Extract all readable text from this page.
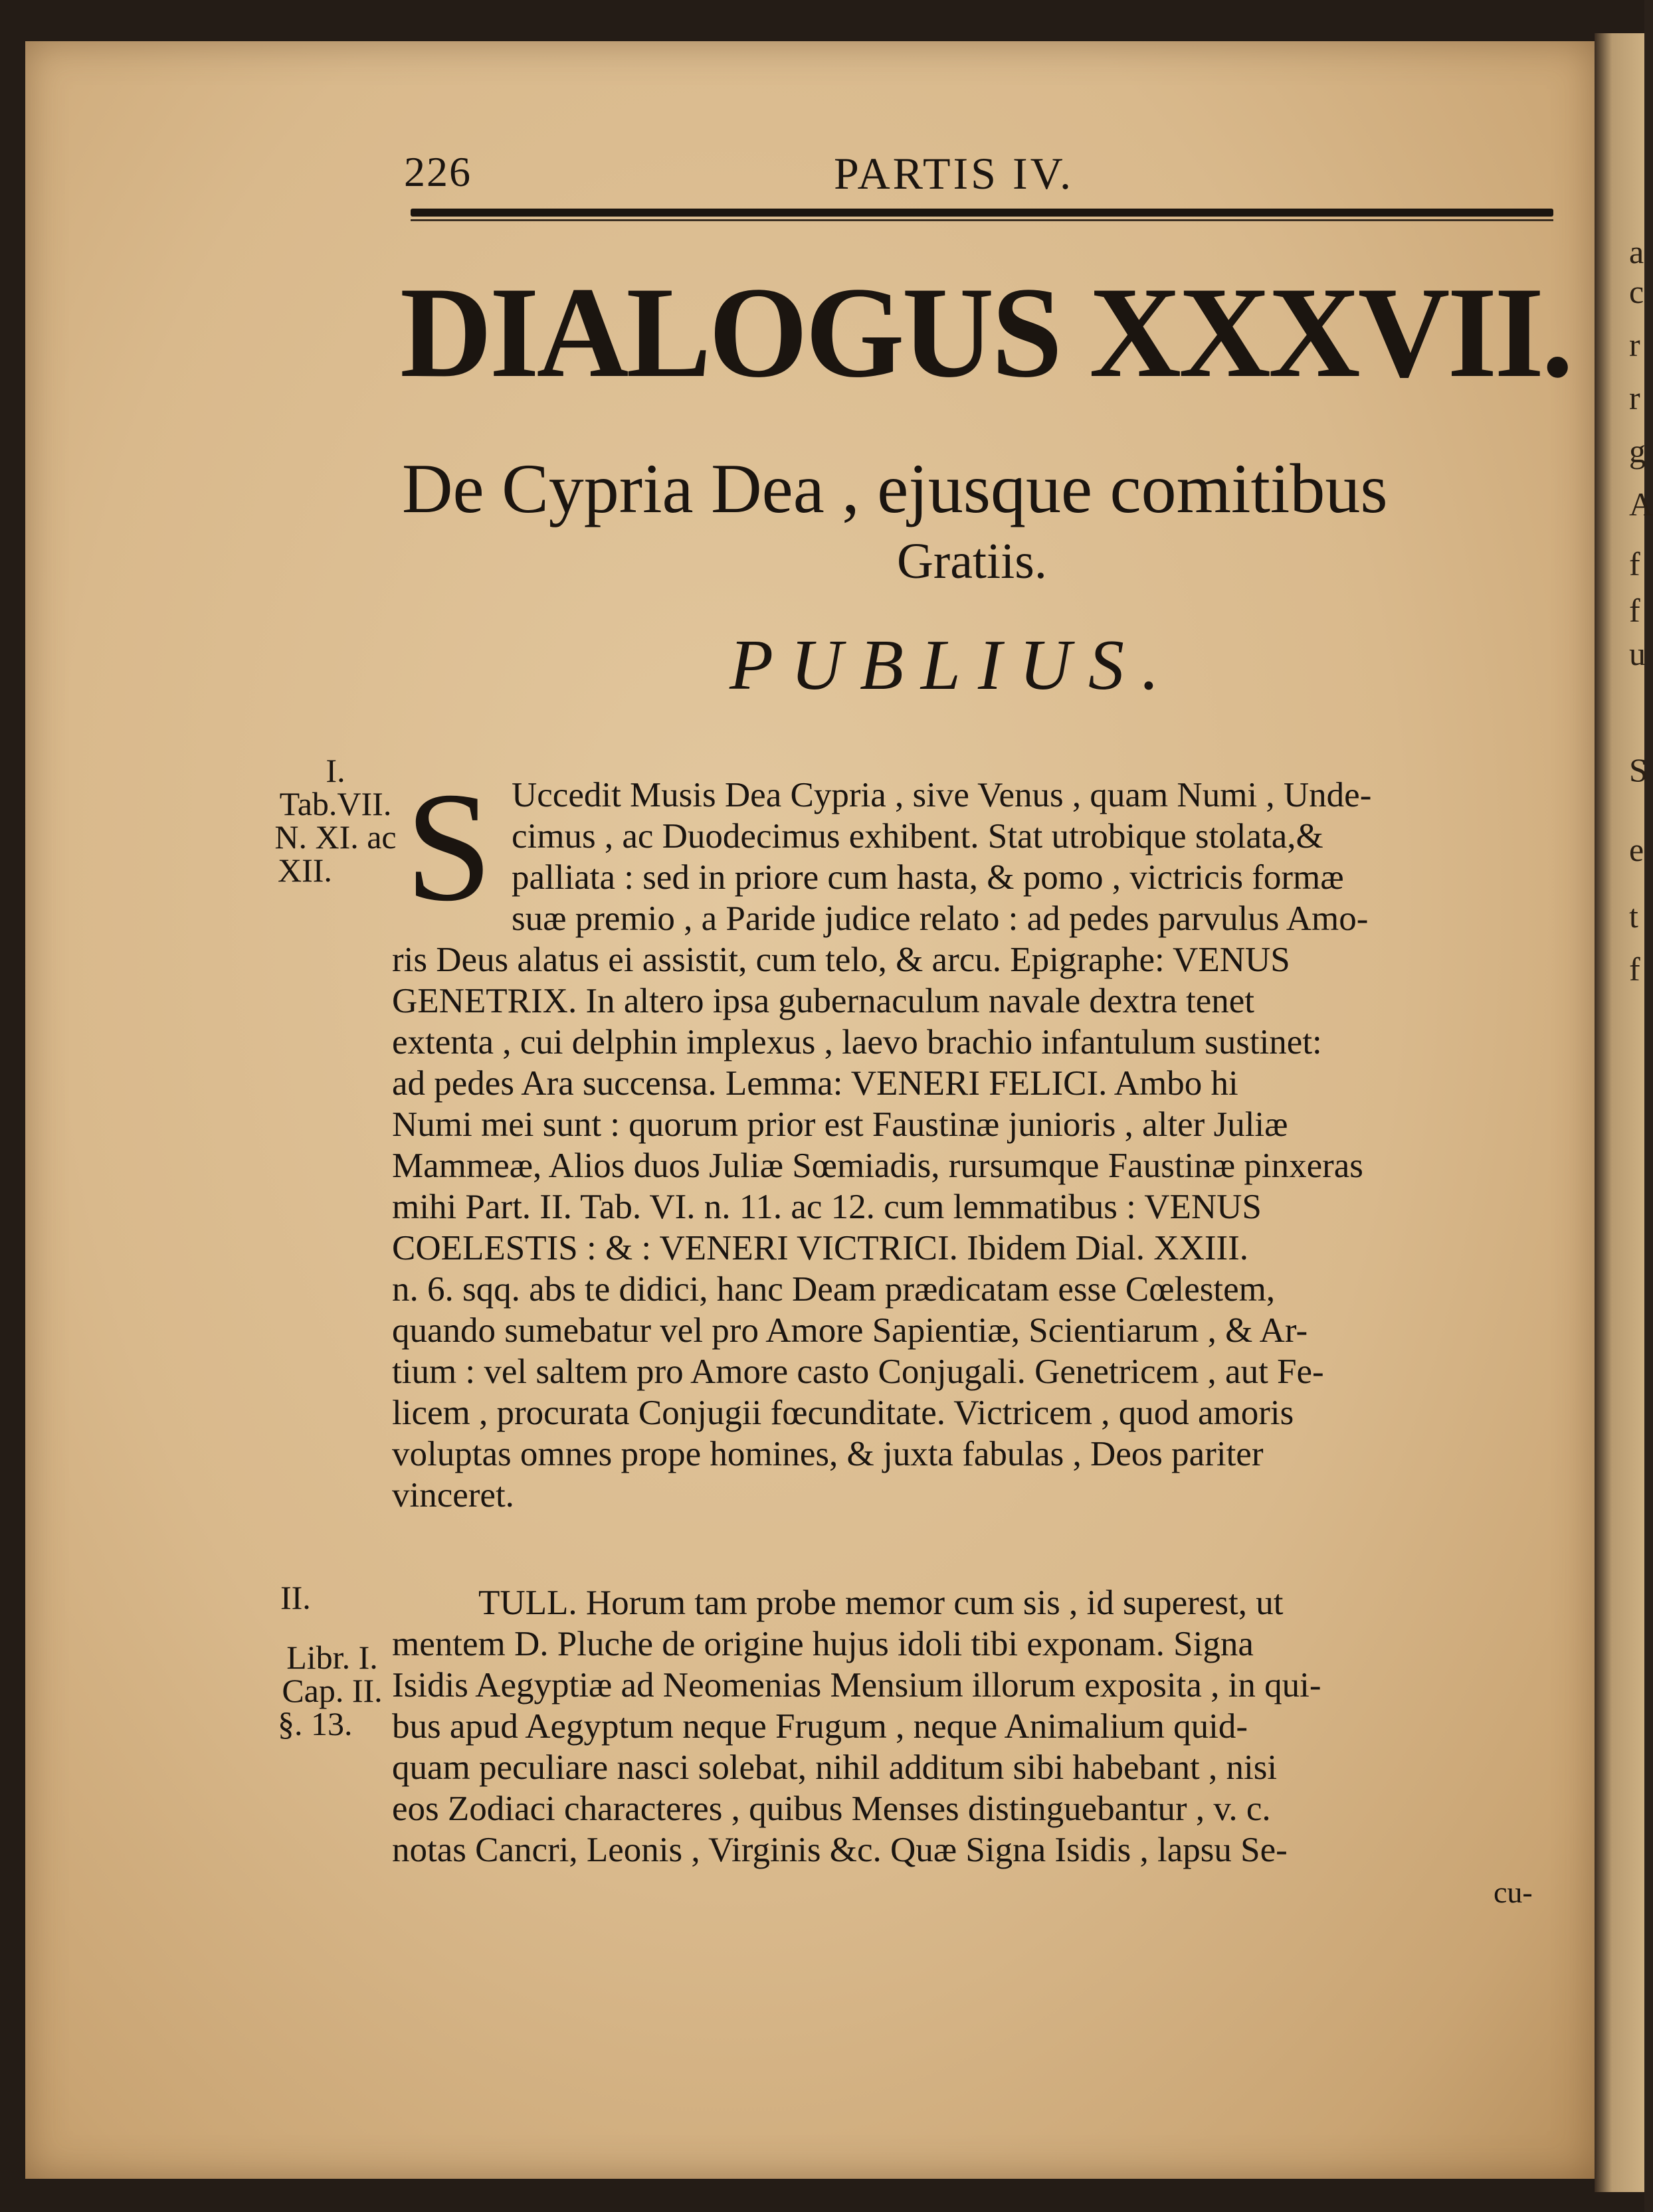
a
c
r
r
g
A
f
f
u
S
e
t
f
226	PARTIS IV.
DIALOGUS XXXVII.
De Cypria Dea , ejusque comitibus
Gratiis.
PUBLIUS.
I.
Tab.VII.
N. XI. ac
XII.
II.
Libr. I.
Cap. II.
§. 13.
S Uccedit Musis Dea Cypria , sive Venus , quam Numi , Unde-
cimus , ac Duodecimus exhibent. Stat utrobique stolata,&
palliata : sed in priore cum hasta, & pomo , victricis formæ
suæ premio , a Paride judice relato : ad pedes parvulus Amo-
ris Deus alatus ei assistit, cum telo, & arcu. Epigraphe: VENUS
GENETRIX. In altero ipsa gubernaculum navale dextra tenet
extenta , cui delphin implexus , laevo brachio infantulum sustinet:
ad pedes Ara succensa. Lemma: VENERI FELICI. Ambo hi
Numi mei sunt : quorum prior est Faustinæ junioris , alter Juliæ
Mammeæ, Alios duos Juliæ Sœmiadis, rursumque Faustinæ pinxeras
mihi Part. II. Tab. VI. n. 11. ac 12. cum lemmatibus : VENUS
COELESTIS : & : VENERI VICTRICI. Ibidem Dial. XXIII.
n. 6. sqq. abs te didici, hanc Deam prædicatam esse Cœlestem,
quando sumebatur vel pro Amore Sapientiæ, Scientiarum , & Ar-
tium : vel saltem pro Amore casto Conjugali. Genetricem , aut Fe-
licem , procurata Conjugii fœcunditate. Victricem , quod amoris
voluptas omnes prope homines, & juxta fabulas , Deos pariter
vinceret.
TULL. Horum tam probe memor cum sis , id superest, ut
mentem D. Pluche de origine hujus idoli tibi exponam. Signa
Isidis Aegyptiæ ad Neomenias Mensium illorum exposita , in qui-
bus apud Aegyptum neque Frugum , neque Animalium quid-
quam peculiare nasci solebat, nihil additum sibi habebant , nisi
eos Zodiaci characteres , quibus Menses distinguebantur , v. c.
notas Cancri, Leonis , Virginis &c. Quæ Signa Isidis , lapsu Se-
cu-
